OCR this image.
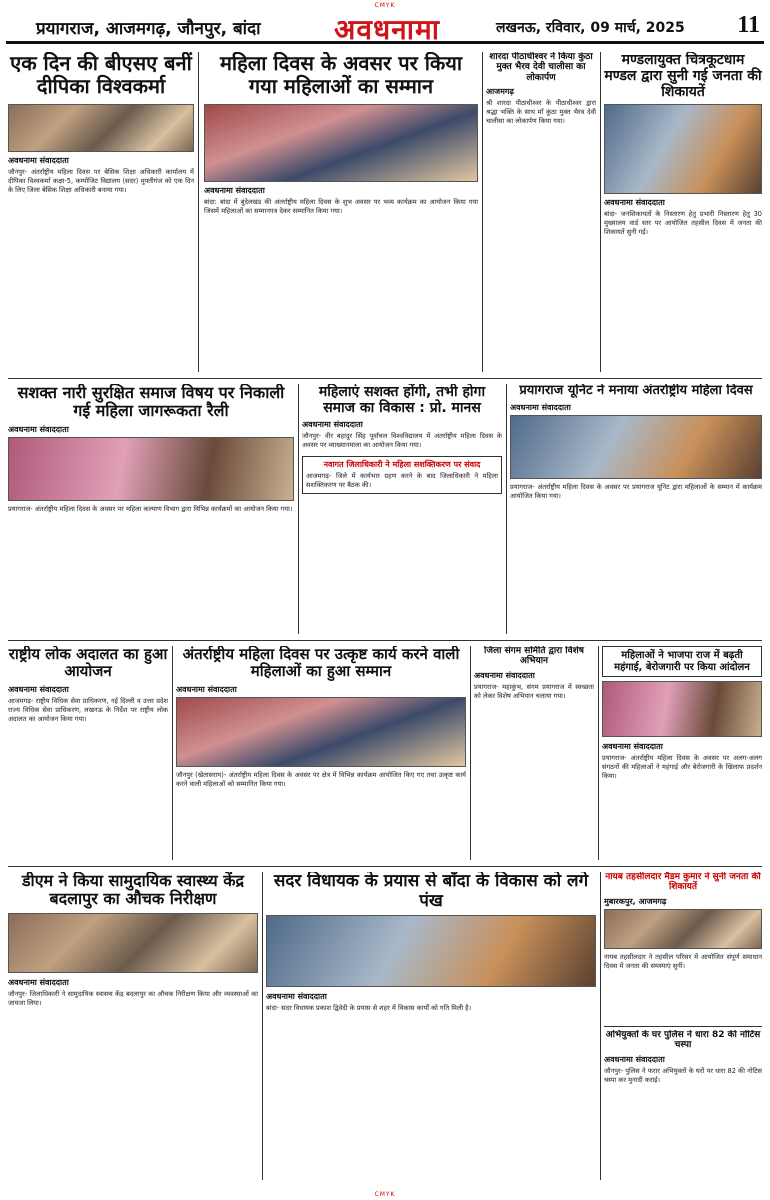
CMYK
प्रयागराज, आजमगढ़, जौनपुर, बांदा	अवधनामा	लखनऊ, रविवार, 09 मार्च, 2025 11
एक दिन की बीएसए बनीं दीपिका विश्वकर्मा
अवधनामा संवाददाता
जौनपुर- अंतर्राष्ट्रीय महिला दिवस पर बेसिक शिक्षा अधिकारी कार्यालय में दीपिका विश्वकर्मा कक्षा-5, कम्पोजिट विद्यालय (सदर) मुफ्तीगंज को एक दिन के लिए जिला बेसिक शिक्षा अधिकारी बनाया गया।
महिला दिवस के अवसर पर किया गया महिलाओं का सम्मान
अवधनामा संवाददाता
बांदा: बांदा में बुंदेलखंड की अंतर्राष्ट्रीय महिला दिवस के शुभ अवसर पर भव्य कार्यक्रम का आयोजन किया गया जिसमें महिलाओं का सम्मानपत्र देकर सम्मानित किया गया।
शारदा पीठाधीश्वर ने किया कुंठा मुक्त भैरव देवी चालीसा का लोकार्पण
आजमगढ़
श्री शारदा पीठाधीश्वर के पीठाधीश्वर द्वारा श्रद्धा भक्ति के साथ माँ कुंठा मुक्त भैरव देवी चालीसा का लोकार्पण किया गया।
मण्डलायुक्त चित्रकूटधाम मण्डल द्वारा सुनी गई जनता की शिकायतें
अवधनामा संवाददाता
बांदा- जनशिकायतों के निस्तारण हेतु प्रभारी निस्तारण हेतु 30 मुख्यालय वार्ड स्तर पर आयोजित तहसील दिवस में जनता की शिकायतें सुनी गईं।
सशक्त नारी सुरक्षित समाज विषय पर निकाली गई महिला जागरूकता रैली
अवधनामा संवाददाता
प्रयागराज- अंतर्राष्ट्रीय महिला दिवस के अवसर पर महिला कल्याण विभाग द्वारा विभिन्न कार्यक्रमों का आयोजन किया गया।
महिलाएं सशक्त होंगी, तभी होगा समाज का विकास : प्रो. मानस
अवधनामा संवाददाता
जौनपुर- वीर बहादुर सिंह पूर्वांचल विश्वविद्यालय में अंतर्राष्ट्रीय महिला दिवस के अवसर पर व्याख्यानमाला का आयोजन किया गया।
नवागत जिलाधिकारी ने महिला सशक्तिकरण पर संवाद
आजमगढ़- जिले में कार्यभार ग्रहण करने के बाद जिलाधिकारी ने महिला सशक्तिकरण पर बैठक की।
प्रयागराज यूनिट ने मनाया अंतर्राष्ट्रीय महिला दिवस
अवधनामा संवाददाता
प्रयागराज- अंतर्राष्ट्रीय महिला दिवस के अवसर पर प्रयागराज यूनिट द्वारा महिलाओं के सम्मान में कार्यक्रम आयोजित किया गया।
राष्ट्रीय लोक अदालत का हुआ आयोजन
अवधनामा संवाददाता
आजमगढ़- राष्ट्रीय विधिक सेवा प्राधिकरण, नई दिल्ली व उत्तर प्रदेश राज्य विधिक सेवा प्राधिकरण, लखनऊ के निर्देश पर राष्ट्रीय लोक अदालत का आयोजन किया गया।
अंतर्राष्ट्रीय महिला दिवस पर उत्कृष्ट कार्य करने वाली महिलाओं का हुआ सम्मान
अवधनामा संवाददाता
जौनपुर (खेतासराय)- अंतर्राष्ट्रीय महिला दिवस के अवसर पर क्षेत्र में विभिन्न कार्यक्रम आयोजित किए गए तथा उत्कृष्ट कार्य करने वाली महिलाओं को सम्मानित किया गया।
जिला संगम समिति द्वारा विशेष अभियान
अवधनामा संवाददाता
प्रयागराज- महाकुंभ, संगम प्रयागराज में स्वच्छता को लेकर विशेष अभियान चलाया गया।
महिलाओं ने भाजपा राज में बढ़ती महंगाई, बेरोजगारी पर किया आंदोलन
अवधनामा संवाददाता
प्रयागराज- अंतर्राष्ट्रीय महिला दिवस के अवसर पर अलग-अलग संगठनों की महिलाओं ने महंगाई और बेरोजगारी के खिलाफ प्रदर्शन किया।
डीएम ने किया सामुदायिक स्वास्थ्य केंद्र बदलापुर का औचक निरीक्षण
अवधनामा संवाददाता
जौनपुर- जिलाधिकारी ने सामुदायिक स्वास्थ्य केंद्र बदलापुर का औचक निरीक्षण किया और व्यवस्थाओं का जायजा लिया।
सदर विधायक के प्रयास से बाँदा के विकास को लगे पंख
अवधनामा संवाददाता
बांदा- सदर विधायक प्रकाश द्विवेदी के प्रयास से शहर में विकास कार्यों को गति मिली है।
नायब तहसीलदार मैडम कुमार ने सुनी जनता की शिकायतें
मुबारकपुर, आजमगढ़
नायब तहसीलदार ने तहसील परिसर में आयोजित संपूर्ण समाधान दिवस में जनता की समस्याएं सुनीं।
अभियुक्तों के घर पुलिस ने धारा 82 की नोटिस चस्पा
अवधनामा संवाददाता
जौनपुर- पुलिस ने फरार अभियुक्तों के घरों पर धारा 82 की नोटिस चस्पा कर मुनादी कराई।
CMYK
